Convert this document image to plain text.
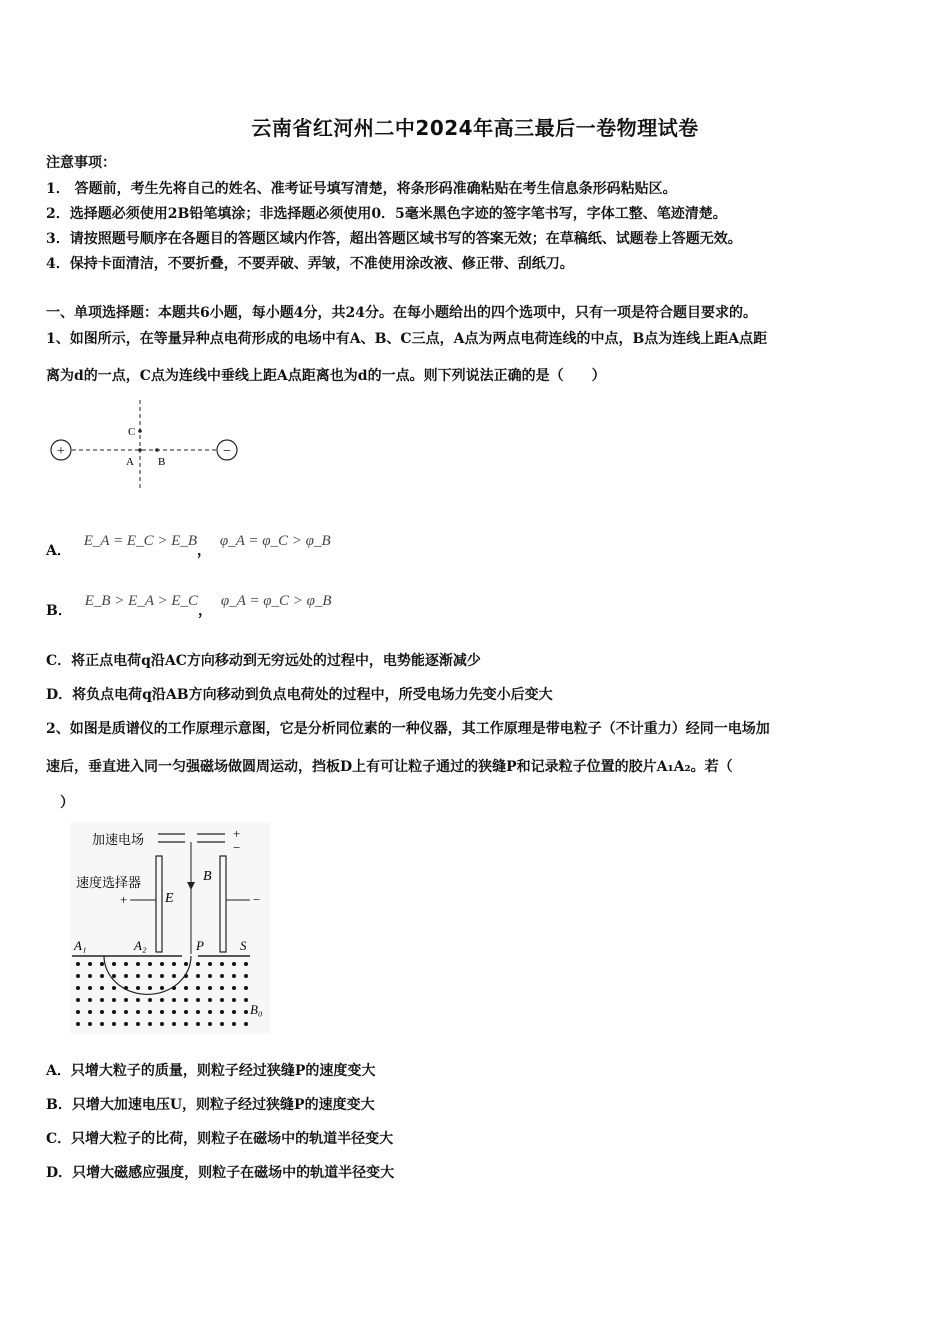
云南省红河州二中2024年高三最后一卷物理试卷
注意事项：
1． 答题前，考生先将自己的姓名、准考证号填写清楚，将条形码准确粘贴在考生信息条形码粘贴区。
2．选择题必须使用2B铅笔填涂；非选择题必须使用0．5毫米黑色字迹的签字笔书写，字体工整、笔迹清楚。
3．请按照题号顺序在各题目的答题区域内作答，超出答题区域书写的答案无效；在草稿纸、试题卷上答题无效。
4．保持卡面清洁，不要折叠，不要弄破、弄皱，不准使用涂改液、修正带、刮纸刀。
一、单项选择题：本题共6小题，每小题4分，共24分。在每小题给出的四个选项中，只有一项是符合题目要求的。
1、如图所示，在等量异种点电荷形成的电场中有A、B、C三点，A点为两点电荷连线的中点，B点为连线上距A点距
离为d的一点，C点为连线中垂线上距A点距离也为d的一点。则下列说法正确的是（　　）
+	−
C
A B
A． E_A = E_C > E_B， φ_A = φ_C > φ_B
B． E_B > E_A > E_C， φ_A = φ_C > φ_B
C．将正点电荷q沿AC方向移动到无穷远处的过程中，电势能逐渐减少
D．将负点电荷q沿AB方向移动到负点电荷处的过程中，所受电场力先变小后变大
2、如图是质谱仪的工作原理示意图，它是分析同位素的一种仪器，其工作原理是带电粒子（不计重力）经同一电场加
速后，垂直进入同一匀强磁场做圆周运动，挡板D上有可让粒子通过的狭缝P和记录粒子位置的胶片A₁A₂。若（
　）
加速电场	+
−
速度选择器
+	E
B
−
A₁	A₂	P	S
B₀
A．只增大粒子的质量，则粒子经过狭缝P的速度变大
B．只增大加速电压U，则粒子经过狭缝P的速度变大
C．只增大粒子的比荷，则粒子在磁场中的轨道半径变大
D．只增大磁感应强度，则粒子在磁场中的轨道半径变大
